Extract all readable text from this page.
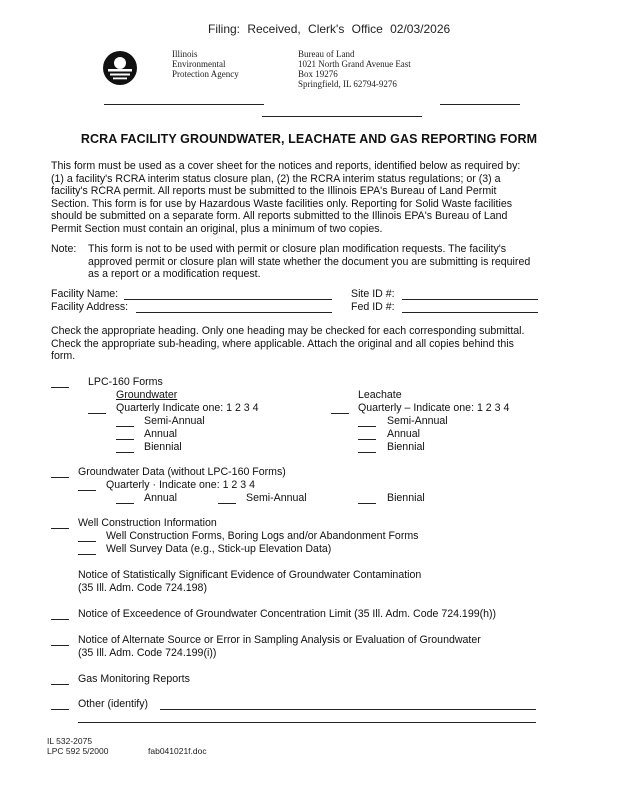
Filing: Received, Clerk's Office 02/03/2026
Illinois
Environmental
Protection Agency
Bureau of Land
1021 North Grand Avenue East
Box 19276
Springfield, IL 62794-9276
RCRA FACILITY GROUNDWATER, LEACHATE AND GAS REPORTING FORM
This form must be used as a cover sheet for the notices and reports, identified below as required by:
(1) a facility's RCRA interim status closure plan, (2) the RCRA interim status regulations; or (3) a
facility's RCRA permit. All reports must be submitted to the Illinois EPA's Bureau of Land Permit
Section. This form is for use by Hazardous Waste facilities only. Reporting for Solid Waste facilities
should be submitted on a separate form. All reports submitted to the Illinois EPA's Bureau of Land
Permit Section must contain an original, plus a minimum of two copies.
Note: This form is not to be used with permit or closure plan modification requests. The facility's
approved permit or closure plan will state whether the document you are submitting is required
as a report or a modification request.
Facility Name:
Facility Address:
Site ID #:
Fed ID #:
Check the appropriate heading. Only one heading may be checked for each corresponding submittal.
Check the appropriate sub-heading, where applicable. Attach the original and all copies behind this
form.
LPC-160 Forms
Groundwater	Leachate
Quarterly Indicate one: 1 2 3 4	Quarterly – Indicate one: 1 2 3 4
Semi-Annual	Semi-Annual
Annual	Annual
Biennial	Biennial
Groundwater Data (without LPC-160 Forms)
Quarterly · Indicate one: 1 2 3 4
Annual	Semi-Annual	Biennial
Well Construction Information
Well Construction Forms, Boring Logs and/or Abandonment Forms
Well Survey Data (e.g., Stick-up Elevation Data)
Notice of Statistically Significant Evidence of Groundwater Contamination
(35 Ill. Adm. Code 724.198)
Notice of Exceedence of Groundwater Concentration Limit (35 Ill. Adm. Code 724.199(h))
Notice of Alternate Source or Error in Sampling Analysis or Evaluation of Groundwater
(35 Ill. Adm. Code 724.199(i))
Gas Monitoring Reports
Other (identify)
IL 532-2075
LPC 592 5/2000	fab041021f.doc
